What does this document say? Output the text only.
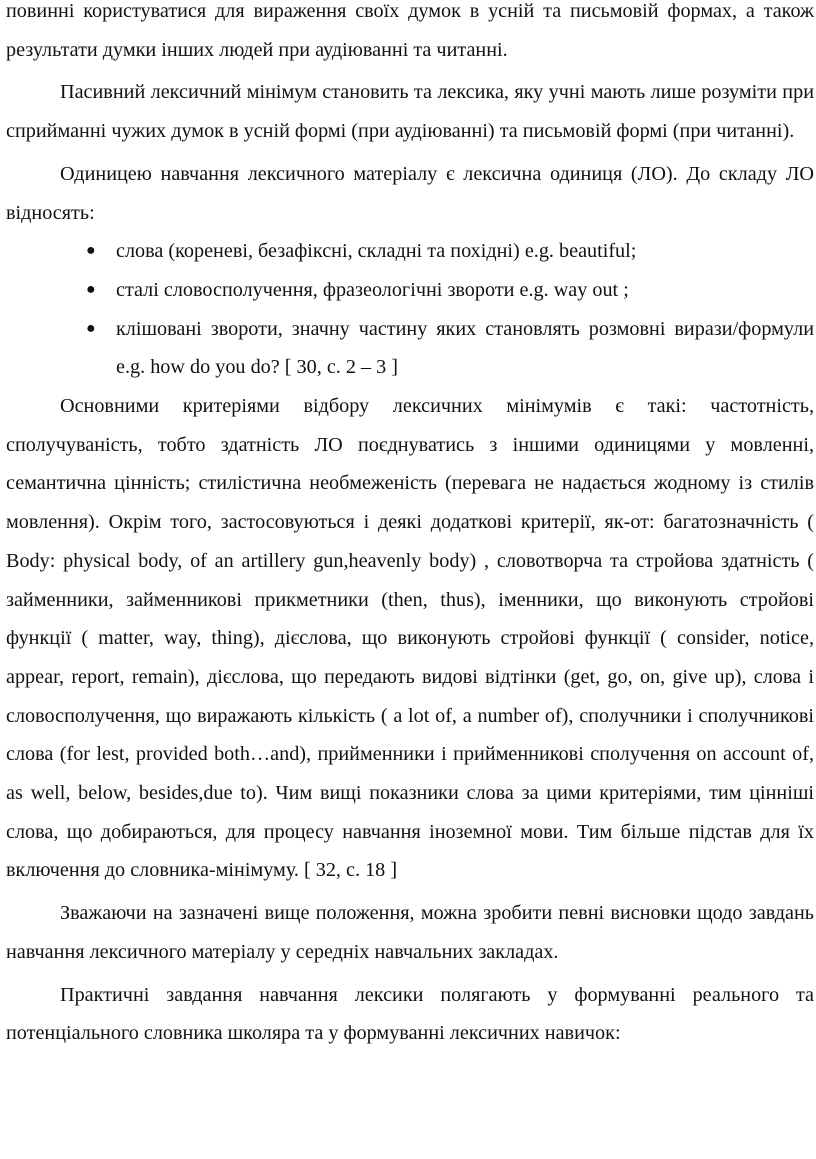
повинні користуватися для вираження своїх думок в усній та письмовій формах, а також результати думки інших людей при аудіюванні та читанні.

Пасивний лексичний мінімум становить та лексика, яку учні мають лише розуміти при сприйманні чужих думок в усній формі (при аудіюванні) та письмовій формі (при читанні).

Одиницею навчання лексичного матеріалу є лексична одиниця (ЛО). До складу ЛО відносять:

● слова (кореневі, безафіксні, складні та похідні) e.g. beautiful;
● сталі словосполучення, фразеологічні звороти e.g. way out ;
● клішовані звороти, значну частину яких становлять розмовні вирази/формули e.g. how do you do? [ 30, с. 2 – 3 ]

Основними критеріями відбору лексичних мінімумів є такі: частотність, сполучуваність, тобто здатність ЛО поєднуватись з іншими одиницями у мовленні, семантична цінність; стилістична необмеженість (перевага не надається жодному із стилів мовлення). Окрім того, застосовуються і деякі додаткові критерії, як-от: багатозначність ( Body: physical body, of an artillery gun,heavenly body) , словотворча та стройова здатність ( займенники, займенникові прикметники (then, thus), іменники, що виконують стройові функції ( matter, way, thing), дієслова, що виконують стройові функції ( consider, notice, appear, report, remain), дієслова, що передають видові відтінки (get, go, on, give up), слова і словосполучення, що виражають кількість ( a lot of, a number of), сполучники і сполучникові слова (for lest, provided both…and), прийменники і прийменникові сполучення on account of, as well, below, besides,due to). Чим вищі показники слова за цими критеріями, тим цінніші слова, що добираються, для процесу навчання іноземної мови. Тим більше підстав для їх включення до словника-мінімуму. [ 32, с. 18 ]

Зважаючи на зазначені вище положення, можна зробити певні висновки щодо завдань навчання лексичного матеріалу у середніх навчальних закладах.

Практичні завдання навчання лексики полягають у формуванні реального та потенціального словника школяра та у формуванні лексичних навичок:
